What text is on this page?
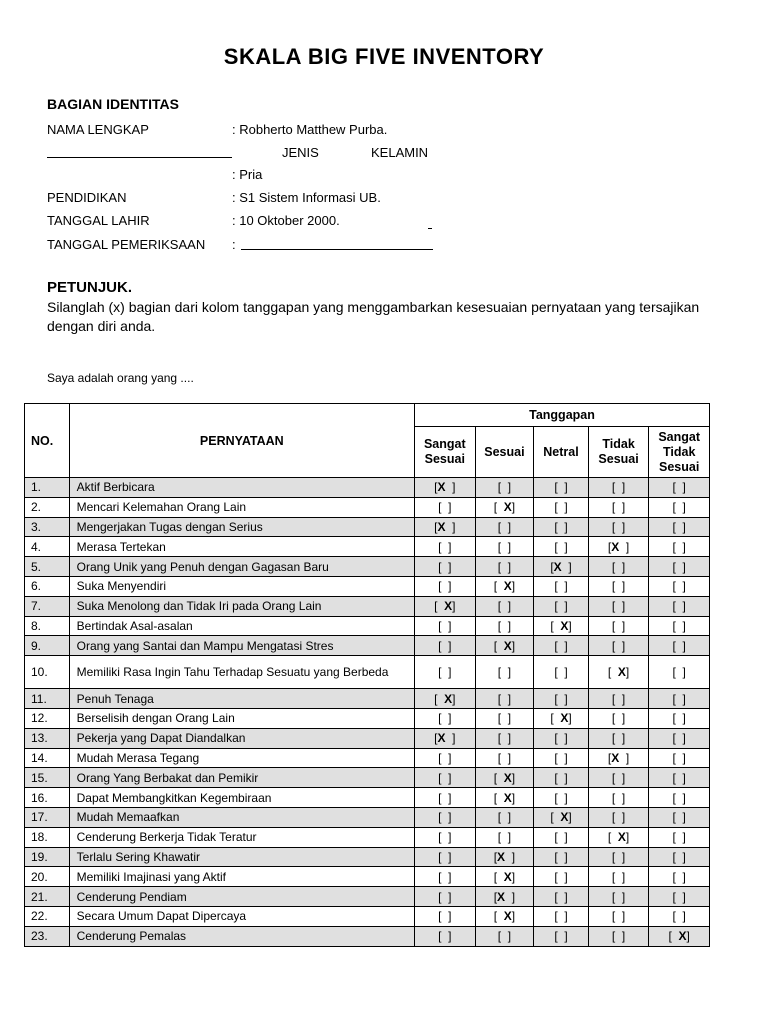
SKALA BIG FIVE INVENTORY
BAGIAN IDENTITAS
NAMA LENGKAP	: Robherto Matthew Purba.
JENIS	KELAMIN
: Pria
PENDIDIKAN	: S1 Sistem Informasi UB.
TANGGAL LAHIR	: 10 Oktober 2000.
TANGGAL PEMERIKSAAN :
PETUNJUK.
Silanglah (x) bagian dari kolom tanggapan yang menggambarkan kesesuaian pernyataan yang tersajikan dengan diri anda.
Saya adalah orang yang ....
NO.	PERNYATAAN	Tanggapan				
		Sangat Sesuai	Sesuai	Netral	Tidak Sesuai	Sangat Tidak Sesuai
1.	Aktif Berbicara	[X  ]	[  ]	[  ]	[  ]	[  ]
2.	Mencari Kelemahan Orang Lain	[  ]	[  X]	[  ]	[  ]	[  ]
3.	Mengerjakan Tugas dengan Serius	[X  ]	[  ]	[  ]	[  ]	[  ]
4.	Merasa Tertekan	[  ]	[  ]	[  ]	[X  ]	[  ]
5.	Orang Unik yang Penuh dengan Gagasan Baru	[  ]	[  ]	[X  ]	[  ]	[  ]
6.	Suka Menyendiri	[  ]	[  X]	[  ]	[  ]	[  ]
7.	Suka Menolong dan Tidak Iri pada Orang Lain	[  X]	[  ]	[  ]	[  ]	[  ]
8.	Bertindak Asal-asalan	[  ]	[  ]	[  X]	[  ]	[  ]
9.	Orang yang Santai dan Mampu Mengatasi Stres	[  ]	[  X]	[  ]	[  ]	[  ]
10.	Memiliki Rasa Ingin Tahu Terhadap Sesuatu yang Berbeda	[  ]	[  ]	[  ]	[  X]	[  ]
11.	Penuh Tenaga	[  X]	[  ]	[  ]	[  ]	[  ]
12.	Berselisih dengan Orang Lain	[  ]	[  ]	[  X]	[  ]	[  ]
13.	Pekerja yang Dapat Diandalkan	[X  ]	[  ]	[  ]	[  ]	[  ]
14.	Mudah Merasa Tegang	[  ]	[  ]	[  ]	[X  ]	[  ]
15.	Orang Yang Berbakat dan Pemikir	[  ]	[  X]	[  ]	[  ]	[  ]
16.	Dapat Membangkitkan Kegembiraan	[  ]	[  X]	[  ]	[  ]	[  ]
17.	Mudah Memaafkan	[  ]	[  ]	[  X]	[  ]	[  ]
18.	Cenderung Berkerja Tidak Teratur	[  ]	[  ]	[  ]	[  X]	[  ]
19.	Terlalu Sering Khawatir	[  ]	[X  ]	[  ]	[  ]	[  ]
20.	Memiliki Imajinasi yang Aktif	[  ]	[  X]	[  ]	[  ]	[  ]
21.	Cenderung Pendiam	[  ]	[X  ]	[  ]	[  ]	[  ]
22.	Secara Umum Dapat Dipercaya	[  ]	[  X]	[  ]	[  ]	[  ]
23.	Cenderung Pemalas	[  ]	[  ]	[  ]	[  ]	[  X]
